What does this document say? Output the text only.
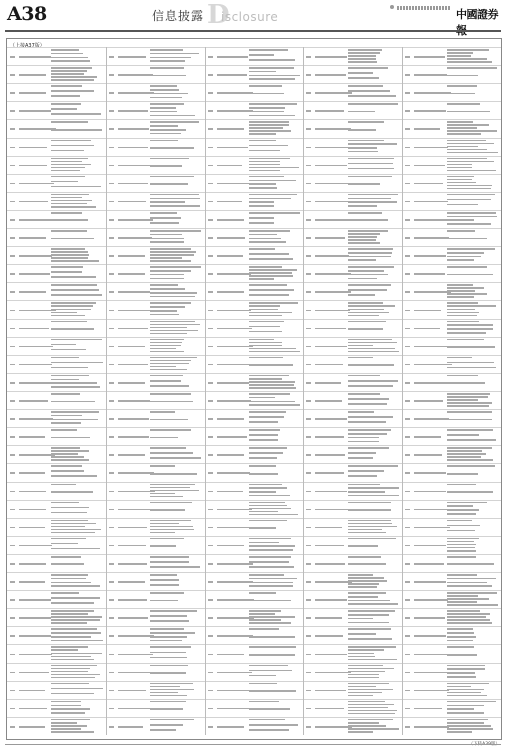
A38	信息披露 D
isclosure	中國證券報
（上接A37版）
（下转A39版）
